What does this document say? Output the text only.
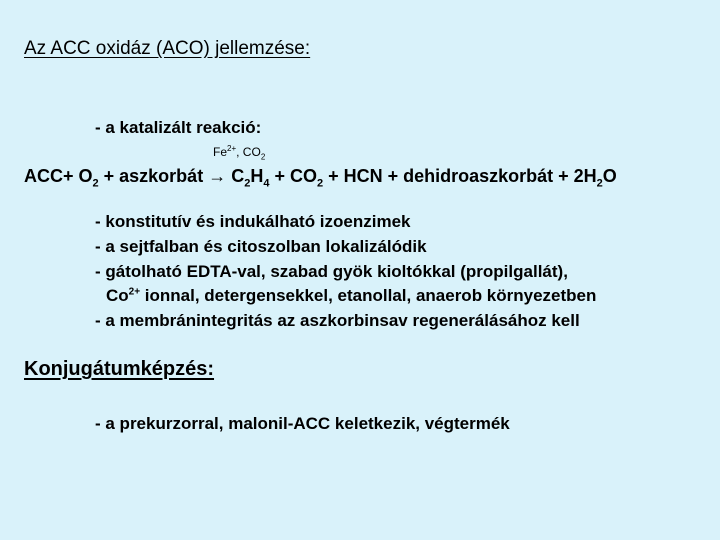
Az ACC oxidáz (ACO) jellemzése:
- a katalizált reakció:
$Fe^{2+}$, $CO_2$
$ACC+ O_2$ + aszkorbát → $C_2H_4 + CO_2$ + HCN + dehidroaszkorbát + $2H_2O$
- konstitutív és indukálható izoenzimek
- a sejtfalban és citoszolban lokalizálódik
- gátolható EDTA-val, szabad gyök kioltókkal (propilgallát),
$Co^{2+}$ ionnal, detergensekkel, etanollal, anaerob környezetben
- a membránintegritás az aszkorbinsav regenerálásához kell
Konjugátumképzés:
- a prekurzorral, malonil-ACC keletkezik, végtermék
